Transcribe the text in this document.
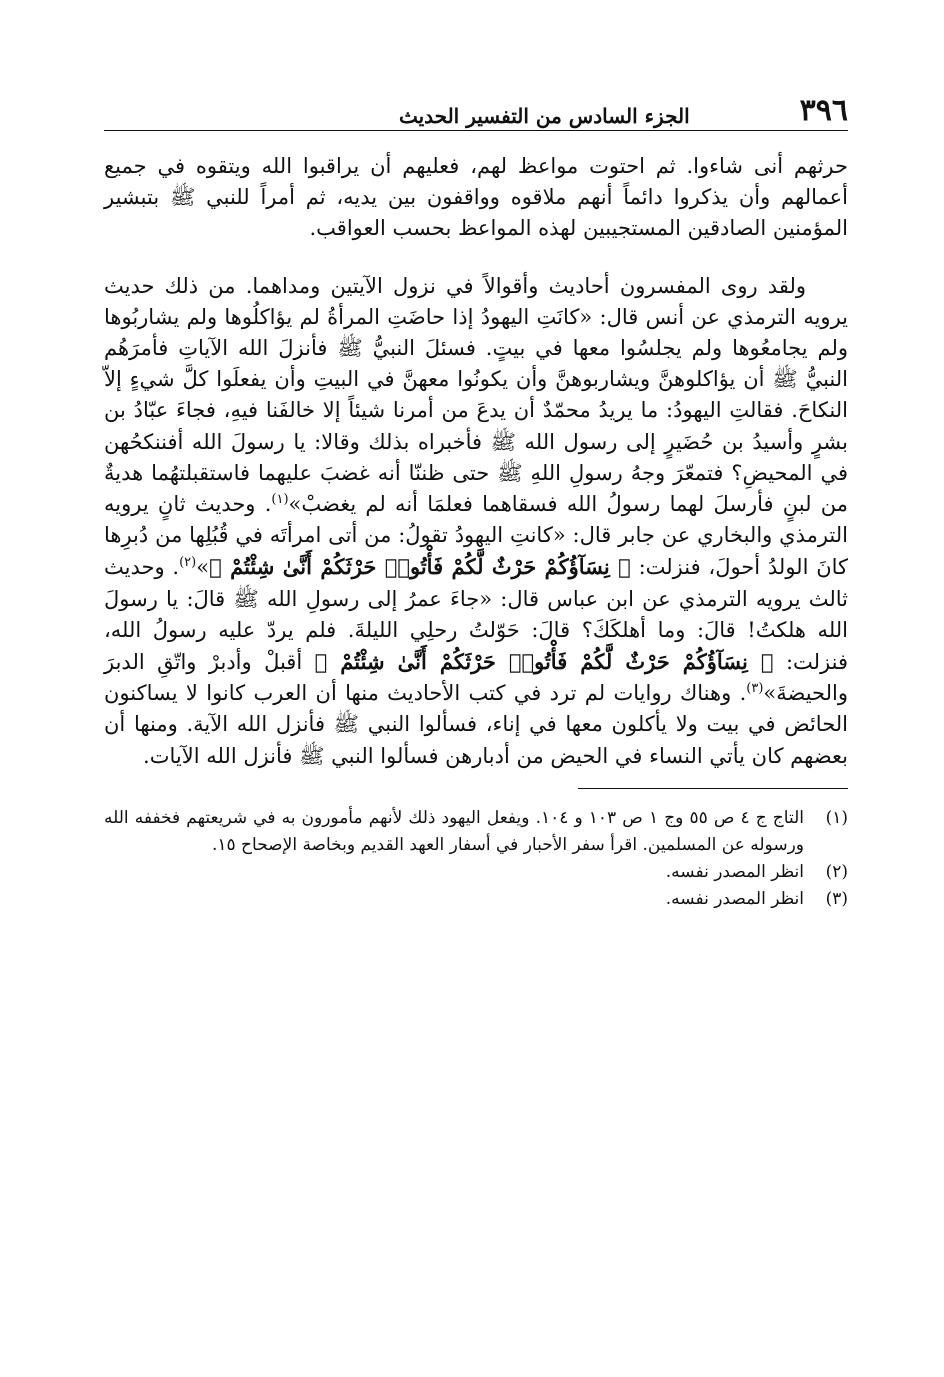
٣٩٦
الجزء السادس من التفسير الحديث

حرثهم أنى شاءوا. ثم احتوت مواعظ لهم، فعليهم أن يراقبوا الله ويتقوه في جميع أعمالهم وأن يذكروا دائماً أنهم ملاقوه وواقفون بين يديه، ثم أمراً للنبي ﷺ بتبشير المؤمنين الصادقين المستجيبين لهذه المواعظ بحسب العواقب.

ولقد روى المفسرون أحاديث وأقوالاً في نزول الآيتين ومداهما. من ذلك حديث يرويه الترمذي عن أنس قال: «كانَتِ اليهودُ إذا حاضَتِ المرأةُ لم يؤاكلُوها ولم يشاربُوها ولم يجامعُوها ولم يجلسُوا معها في بيتٍ. فسئلَ النبيُّ ﷺ فأنزلَ الله الآياتِ فأمرَهُم النبيُّ ﷺ أن يؤاكلوهنَّ ويشاربوهنَّ وأن يكونُوا معهنَّ في البيتِ وأن يفعلَوا كلَّ شيءٍ إلاّ النكاحَ. فقالتِ اليهودُ: ما يريدُ محمّدٌ أن يدعَ من أمرنا شيئاً إلا خالفَنا فيهِ، فجاءَ عبّادُ بن بشرٍ وأسيدُ بن حُضَيرٍ إلى رسول الله ﷺ فأخبراه بذلك وقالا: يا رسولَ الله أفننكحُهن في المحيضِ؟ فتمعّرَ وجهُ رسولِ اللهِ ﷺ حتى ظننّا أنه غضبَ عليهما فاستقبلتهُما هديةٌ من لبنٍ فأرسلَ لهما رسولُ الله فسقاهما فعلمَا أنه لم يغضبْ»$^{(١)}$. وحديث ثانٍ يرويه الترمذي والبخاري عن جابر قال: «كانتِ اليهودُ تقولُ: من أتى امرأتَه في قُبُلِها من دُبرِها كانَ الولدُ أحولَ، فنزلت: ﴿ نِسَآؤُكُمْ حَرْثٌ لَّكُمْ فَأْتُوا۟ حَرْثَكُمْ أَنَّىٰ شِئْتُمْ ﴾»$^{(٢)}$. وحديث ثالث يرويه الترمذي عن ابن عباس قال: «جاءَ عمرُ إلى رسولِ الله ﷺ قالَ: يا رسولَ الله هلكتُ! قالَ: وما أهلكَكَ؟ قالَ: حَوّلتُ رحلِي الليلةَ. فلم يردّ عليه رسولُ الله، فنزلت: ﴿ نِسَآؤُكُمْ حَرْثٌ لَّكُمْ فَأْتُوا۟ حَرْثَكُمْ أَنَّىٰ شِئْتُمْ ﴾ أقبلْ وأدبرْ واتّقِ الدبرَ والحيضةَ»$^{(٣)}$. وهناك روايات لم ترد في كتب الأحاديث منها أن العرب كانوا لا يساكنون الحائض في بيت ولا يأكلون معها في إناء، فسألوا النبي ﷺ فأنزل الله الآية. ومنها أن بعضهم كان يأتي النساء في الحيض من أدبارهن فسألوا النبي ﷺ فأنزل الله الآيات.

(١)
التاج ج ٤ ص ٥٥ وج ١ ص ١٠٣ و ١٠٤. ويفعل اليهود ذلك لأنهم مأمورون به في شريعتهم فخففه الله ورسوله عن المسلمين. اقرأ سفر الأحبار في أسفار العهد القديم وبخاصة الإصحاح ١٥.
(٢)
انظر المصدر نفسه.
(٣)
انظر المصدر نفسه.
